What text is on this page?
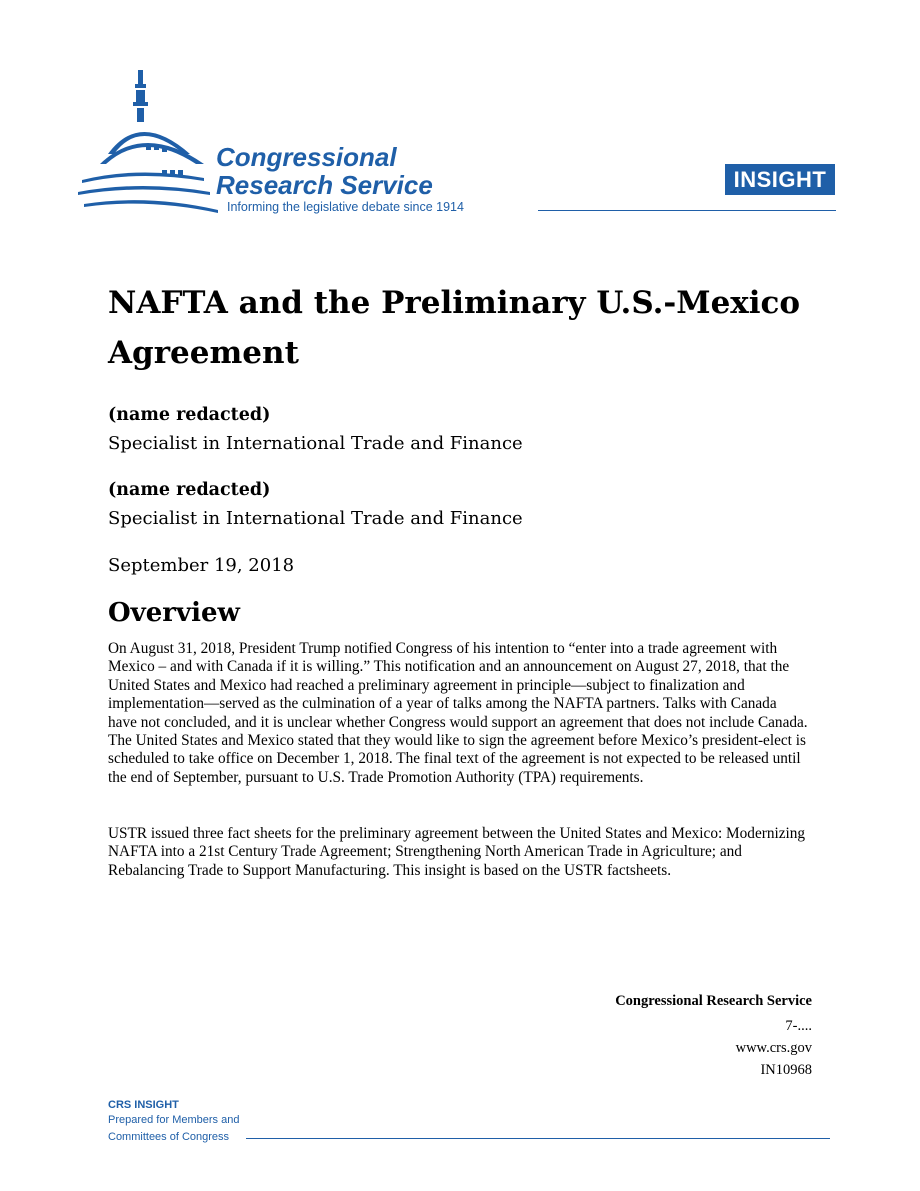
Congressional
Research Service
Informing the legislative debate since 1914
INSIGHT
NAFTA and the Preliminary U.S.-Mexico Agreement
(name redacted)
Specialist in International Trade and Finance
(name redacted)
Specialist in International Trade and Finance
September 19, 2018
Overview

On August 31, 2018, President Trump notified Congress of his intention to “enter into a trade agreement with Mexico – and with Canada if it is willing.” This notification and an announcement on August 27, 2018, that the United States and Mexico had reached a preliminary agreement in principle—subject to finalization and implementation—served as the culmination of a year of talks among the NAFTA partners. Talks with Canada have not concluded, and it is unclear whether Congress would support an agreement that does not include Canada. The United States and Mexico stated that they would like to sign the agreement before Mexico’s president-elect is scheduled to take office on December 1, 2018. The final text of the agreement is not expected to be released until the end of September, pursuant to U.S. Trade Promotion Authority (TPA) requirements.

USTR issued three fact sheets for the preliminary agreement between the United States and Mexico: Modernizing NAFTA into a 21st Century Trade Agreement; Strengthening North American Trade in Agriculture; and Rebalancing Trade to Support Manufacturing. This insight is based on the USTR factsheets.

Congressional Research Service
7-....
www.crs.gov
IN10968
CRS INSIGHT
Prepared for Members and
Committees of Congress
